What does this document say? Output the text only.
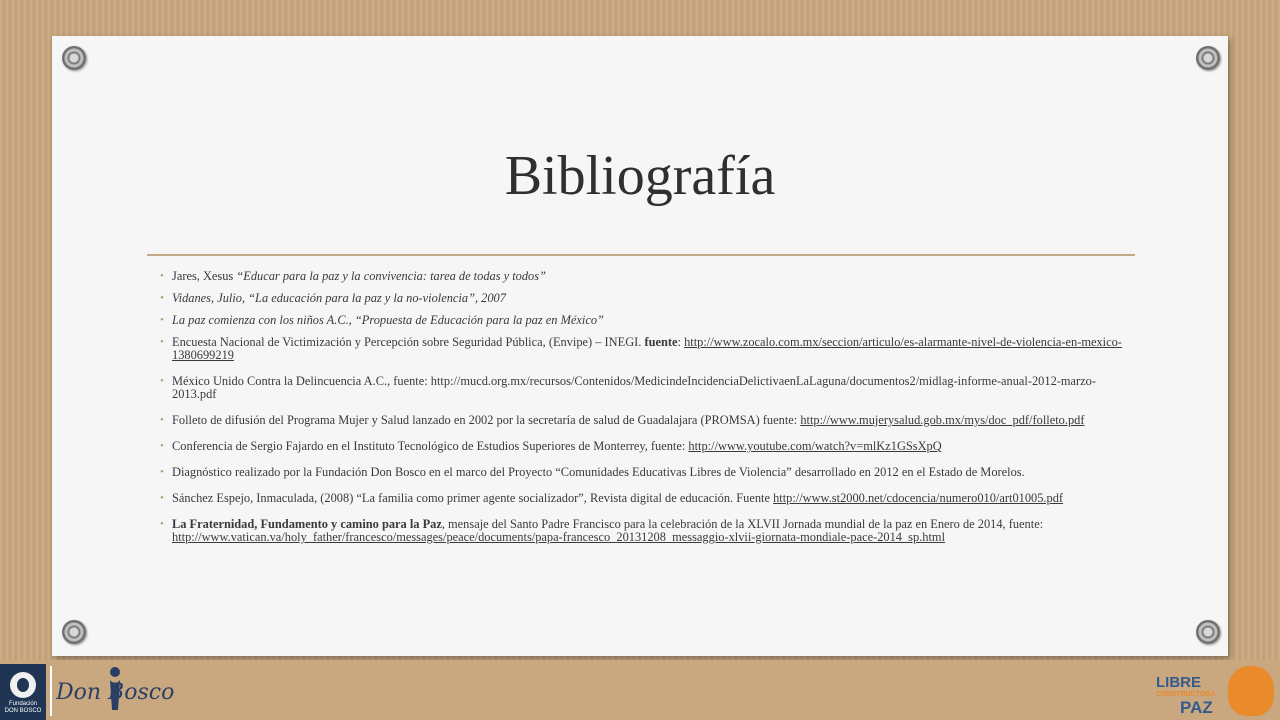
Bibliografía
• Jares, Xesus “Educar para la paz y la convivencia: tarea de todas y todos”
• Vidanes, Julio, “La educación para la paz y la no-violencia”, 2007
• La paz comienza con los niños A.C., “Propuesta de Educación para la paz en México”
• Encuesta Nacional de Victimización y Percepción sobre Seguridad Pública, (Envipe) – INEGI. fuente: http://www.zocalo.com.mx/seccion/articulo/es-alarmante-nivel-de-violencia-en-mexico-1380699219
• México Unido Contra la Delincuencia A.C., fuente: http://mucd.org.mx/recursos/Contenidos/MedicindeIncidenciaDelictivaenLaLaguna/documentos2/midlag-informe-anual-2012-marzo-2013.pdf
• Folleto de difusión del Programa Mujer y Salud lanzado en 2002 por la secretaría de salud de Guadalajara (PROMSA) fuente: http://www.mujerysalud.gob.mx/mys/doc_pdf/folleto.pdf
• Conferencia de Sergio Fajardo en el Instituto Tecnológico de Estudios Superiores de Monterrey, fuente: http://www.youtube.com/watch?v=mlKz1GSsXpQ
• Diagnóstico realizado por la Fundación Don Bosco en el marco del Proyecto “Comunidades Educativas Libres de Violencia” desarrollado en 2012 en el Estado de Morelos.
• Sánchez Espejo, Inmaculada, (2008) “La familia como primer agente socializador”, Revista digital de educación. Fuente http://www.st2000.net/cdocencia/numero010/art01005.pdf
• La Fraternidad, Fundamento y camino para la Paz, mensaje del Santo Padre Francisco para la celebración de la XLVII Jornada mundial de la paz en Enero de 2014, fuente: http://www.vatican.va/holy_father/francesco/messages/peace/documents/papa-francesco_20131208_messaggio-xlvii-giornata-mondiale-pace-2014_sp.html
Fundación
DON BOSCO
Don Bosco	LIBRE
CONSTRUCTORA
PAZ
